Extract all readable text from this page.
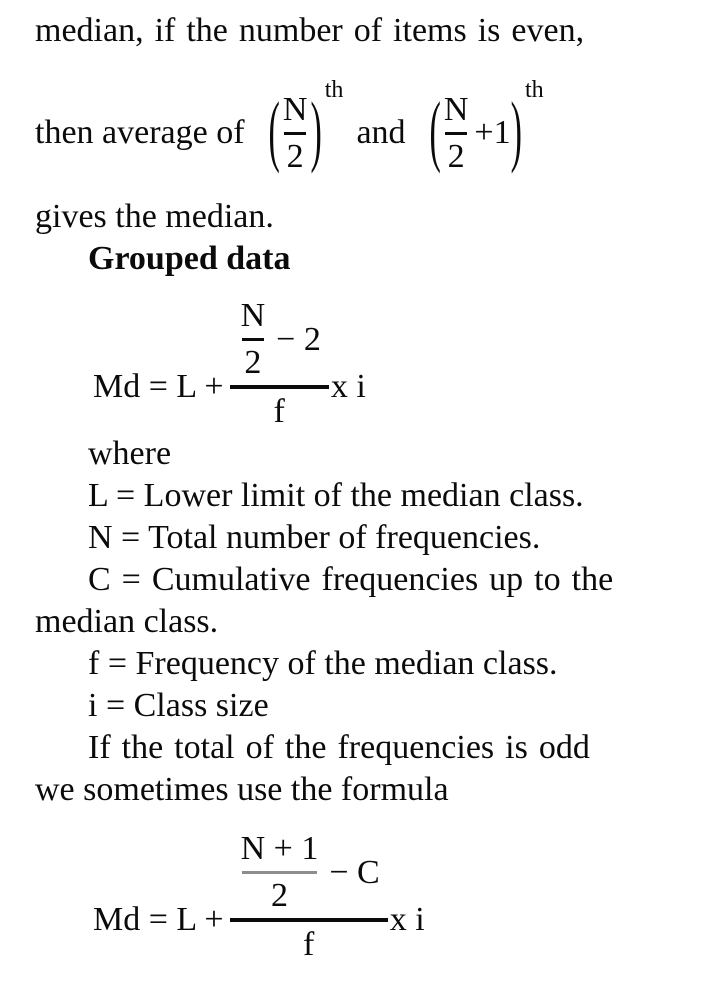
median, if the number of items is even,
then average of ( $\frac{N}{2}$ ) th
and ( $\frac{N}{2} +1$ ) th
gives the median.
Grouped data
Md = L +
$\frac{N}{2} - 2$
f
x i
where
L = Lower limit of the median class.
N = Total number of frequencies.
C = Cumulative frequencies up to the
median class.
f = Frequency of the median class.
i = Class size
If the total of the frequencies is odd
we sometimes use the formula
Md = L +
$\frac{N + 1}{2} - C$
f
x i
